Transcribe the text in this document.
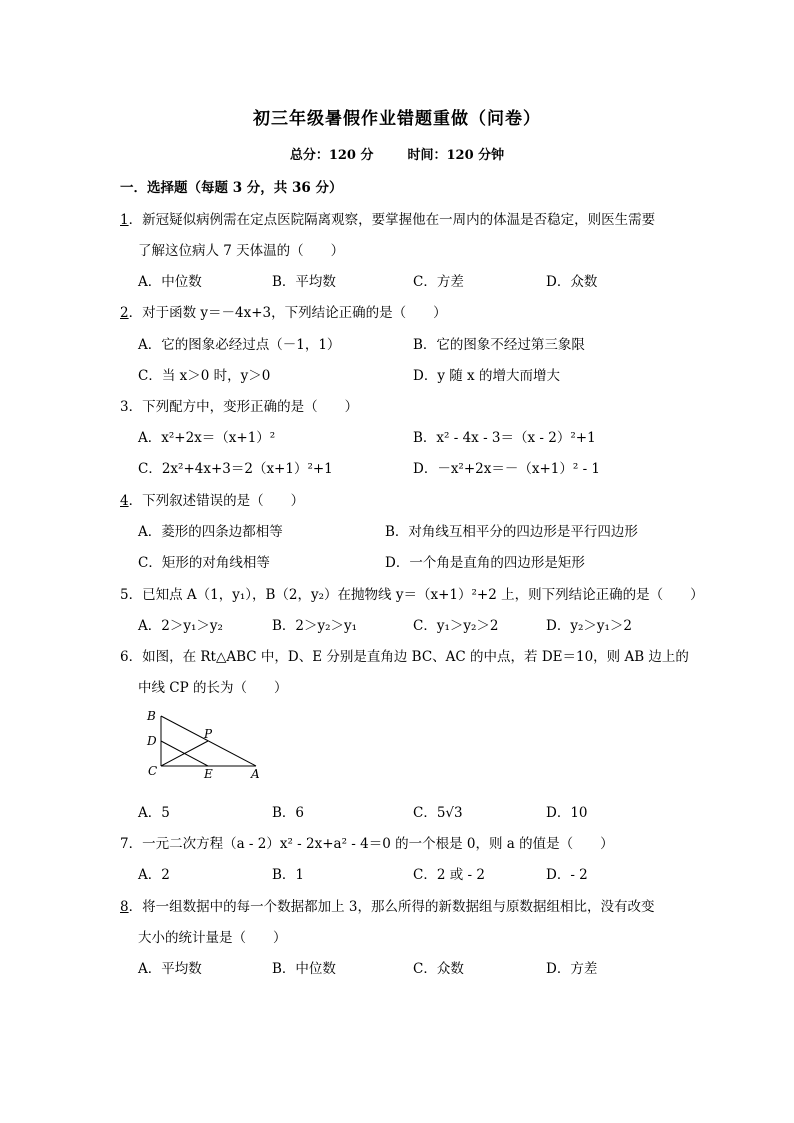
初三年级暑假作业错题重做（问卷）
总分：120 分	时间：120 分钟
一．选择题（每题 3 分，共 36 分）
1．新冠疑似病例需在定点医院隔离观察，要掌握他在一周内的体温是否稳定，则医生需要
了解这位病人 7 天体温的（　　）
A．中位数	B．平均数	C．方差	D．众数
2．对于函数 y＝－4x+3，下列结论正确的是（　　）
A．它的图象必经过点（－1，1）	B．它的图象不经过第三象限
C．当 x＞0 时，y＞0	D．y 随 x 的增大而增大
3．下列配方中，变形正确的是（　　）
A．x²+2x＝（x+1）²	B．x² - 4x - 3＝（x - 2）²+1
C．2x²+4x+3＝2（x+1）²+1	D．－x²+2x＝－（x+1）² - 1
4．下列叙述错误的是（　　）
A．菱形的四条边都相等	B．对角线互相平分的四边形是平行四边形
C．矩形的对角线相等	D．一个角是直角的四边形是矩形
5．已知点 A（1，y₁），B（2，y₂）在抛物线 y＝（x+1）²+2 上，则下列结论正确的是（　　）
A．2＞y₁＞y₂	B．2＞y₂＞y₁	C．y₁＞y₂＞2	D．y₂＞y₁＞2
6．如图，在 Rt△ABC 中，D、E 分别是直角边 BC、AC 的中点，若 DE＝10，则 AB 边上的
中线 CP 的长为（　　）
B
D
C	E	A
P
A．5	B．6	C．5√3	D．10
7．一元二次方程（a - 2）x² - 2x+a² - 4＝0 的一个根是 0，则 a 的值是（　　）
A．2	B．1	C．2 或 - 2	D．- 2
8．将一组数据中的每一个数据都加上 3，那么所得的新数据组与原数据组相比，没有改变
大小的统计量是（　　）
A．平均数	B．中位数	C．众数	D．方差
